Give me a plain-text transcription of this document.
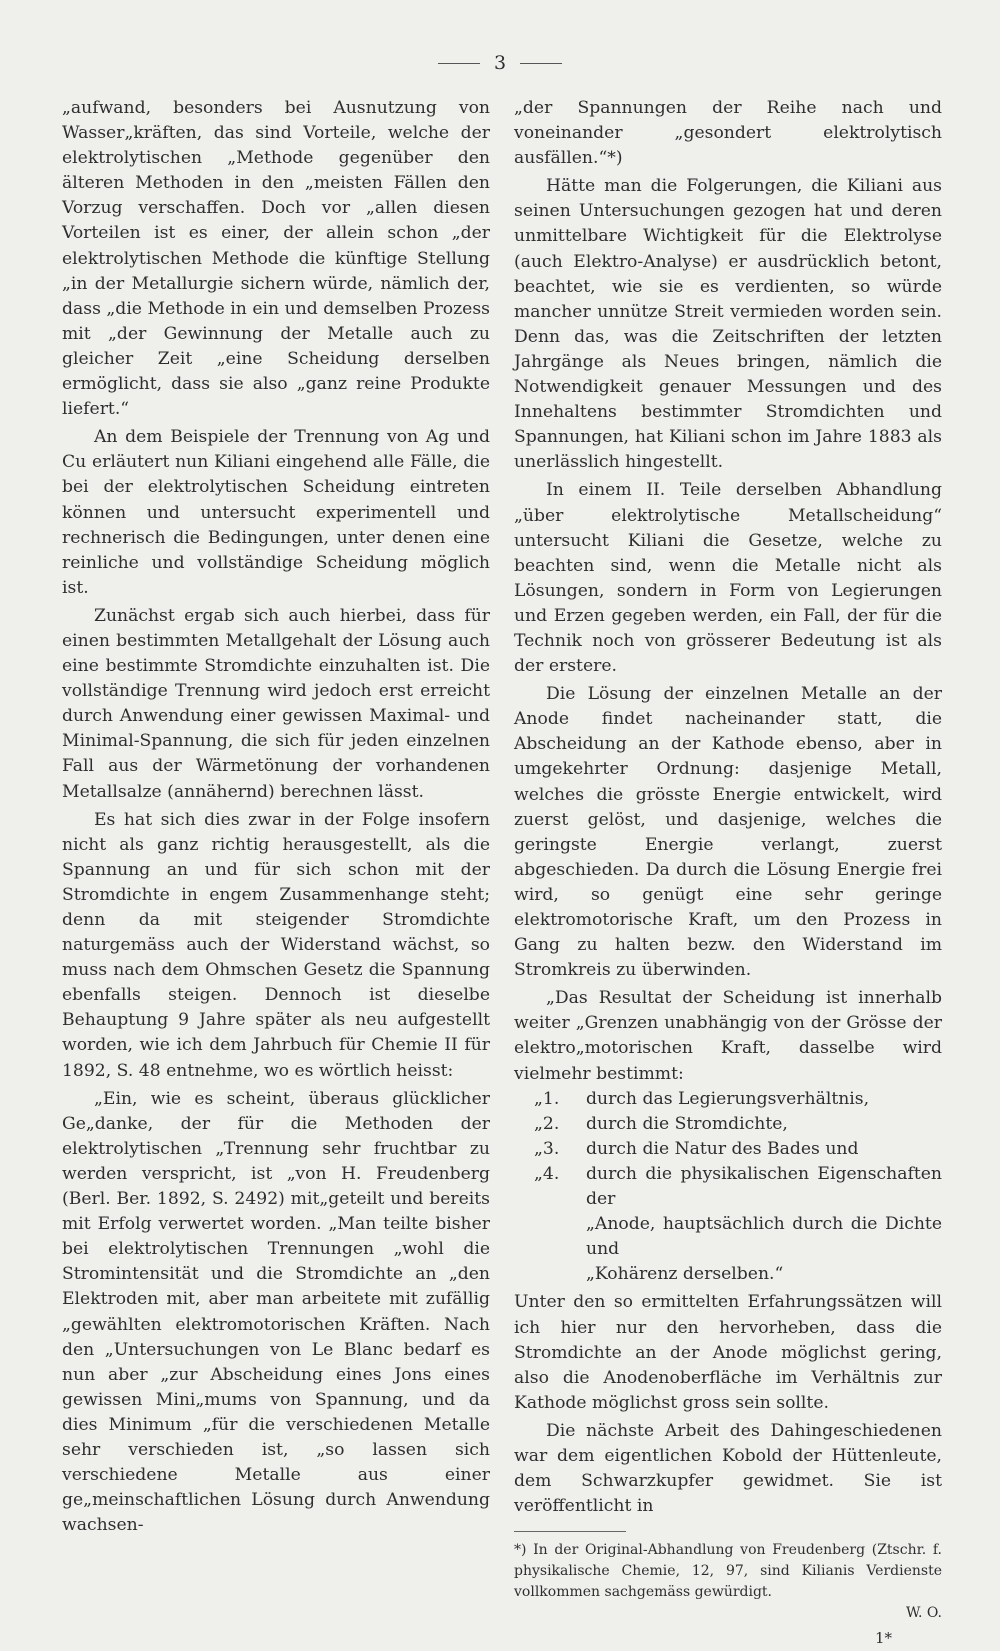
3

„aufwand, besonders bei Ausnutzung von Wasser„kräften, das sind Vorteile, welche der elektrolytischen „Methode gegenüber den älteren Methoden in den „meisten Fällen den Vorzug verschaffen. Doch vor „allen diesen Vorteilen ist es einer, der allein schon „der elektrolytischen Methode die künftige Stellung „in der Metallurgie sichern würde, nämlich der, dass „die Methode in ein und demselben Prozess mit „der Gewinnung der Metalle auch zu gleicher Zeit „eine Scheidung derselben ermöglicht, dass sie also „ganz reine Produkte liefert.“

An dem Beispiele der Trennung von Ag und Cu erläutert nun Kiliani eingehend alle Fälle, die bei der elektrolytischen Scheidung eintreten können und untersucht experimentell und rechnerisch die Bedingungen, unter denen eine reinliche und vollständige Scheidung möglich ist.

Zunächst ergab sich auch hierbei, dass für einen bestimmten Metallgehalt der Lösung auch eine bestimmte Stromdichte einzuhalten ist. Die vollständige Trennung wird jedoch erst erreicht durch Anwendung einer gewissen Maximal- und Minimal-Spannung, die sich für jeden einzelnen Fall aus der Wärmetönung der vorhandenen Metallsalze (annähernd) berechnen lässt.

Es hat sich dies zwar in der Folge insofern nicht als ganz richtig herausgestellt, als die Spannung an und für sich schon mit der Stromdichte in engem Zusammenhange steht; denn da mit steigender Stromdichte naturgemäss auch der Widerstand wächst, so muss nach dem Ohmschen Gesetz die Spannung ebenfalls steigen. Dennoch ist dieselbe Behauptung 9 Jahre später als neu aufgestellt worden, wie ich dem Jahrbuch für Chemie II für 1892, S. 48 entnehme, wo es wörtlich heisst:

„Ein, wie es scheint, überaus glücklicher Ge„danke, der für die Methoden der elektrolytischen „Trennung sehr fruchtbar zu werden verspricht, ist „von H. Freudenberg (Berl. Ber. 1892, S. 2492) mit„geteilt und bereits mit Erfolg verwertet worden. „Man teilte bisher bei elektrolytischen Trennungen „wohl die Stromintensität und die Stromdichte an „den Elektroden mit, aber man arbeitete mit zufällig „gewählten elektromotorischen Kräften. Nach den „Untersuchungen von Le Blanc bedarf es nun aber „zur Abscheidung eines Jons eines gewissen Mini„mums von Spannung, und da dies Minimum „für die verschiedenen Metalle sehr verschieden ist, „so lassen sich verschiedene Metalle aus einer ge„meinschaftlichen Lösung durch Anwendung wachsen-

„der Spannungen der Reihe nach und voneinander „gesondert elektrolytisch ausfällen.“*)

Hätte man die Folgerungen, die Kiliani aus seinen Untersuchungen gezogen hat und deren unmittelbare Wichtigkeit für die Elektrolyse (auch Elektro-Analyse) er ausdrücklich betont, beachtet, wie sie es verdienten, so würde mancher unnütze Streit vermieden worden sein. Denn das, was die Zeitschriften der letzten Jahrgänge als Neues bringen, nämlich die Notwendigkeit genauer Messungen und des Innehaltens bestimmter Stromdichten und Spannungen, hat Kiliani schon im Jahre 1883 als unerlässlich hingestellt.

In einem II. Teile derselben Abhandlung „über elektrolytische Metallscheidung“ untersucht Kiliani die Gesetze, welche zu beachten sind, wenn die Metalle nicht als Lösungen, sondern in Form von Legierungen und Erzen gegeben werden, ein Fall, der für die Technik noch von grösserer Bedeutung ist als der erstere.

Die Lösung der einzelnen Metalle an der Anode findet nacheinander statt, die Abscheidung an der Kathode ebenso, aber in umgekehrter Ordnung: dasjenige Metall, welches die grösste Energie entwickelt, wird zuerst gelöst, und dasjenige, welches die geringste Energie verlangt, zuerst abgeschieden. Da durch die Lösung Energie frei wird, so genügt eine sehr geringe elektromotorische Kraft, um den Prozess in Gang zu halten bezw. den Widerstand im Stromkreis zu überwinden.

„Das Resultat der Scheidung ist innerhalb weiter „Grenzen unabhängig von der Grösse der elektro„motorischen Kraft, dasselbe wird vielmehr bestimmt:

„1.	durch das Legierungsverhältnis,
„2.	durch die Stromdichte,
„3.	durch die Natur des Bades und
„4.	durch die physikalischen Eigenschaften der
„Anode, hauptsächlich durch die Dichte und
„Kohärenz derselben.“

Unter den so ermittelten Erfahrungssätzen will ich hier nur den hervorheben, dass die Stromdichte an der Anode möglichst gering, also die Anodenoberfläche im Verhältnis zur Kathode möglichst gross sein sollte.

Die nächste Arbeit des Dahingeschiedenen war dem eigentlichen Kobold der Hüttenleute, dem Schwarzkupfer gewidmet. Sie ist veröffentlicht in

*) In der Original-Abhandlung von Freudenberg (Ztschr. f. physikalische Chemie, 12, 97, sind Kilianis Verdienste vollkommen sachgemäss gewürdigt.
W. O.
1*
